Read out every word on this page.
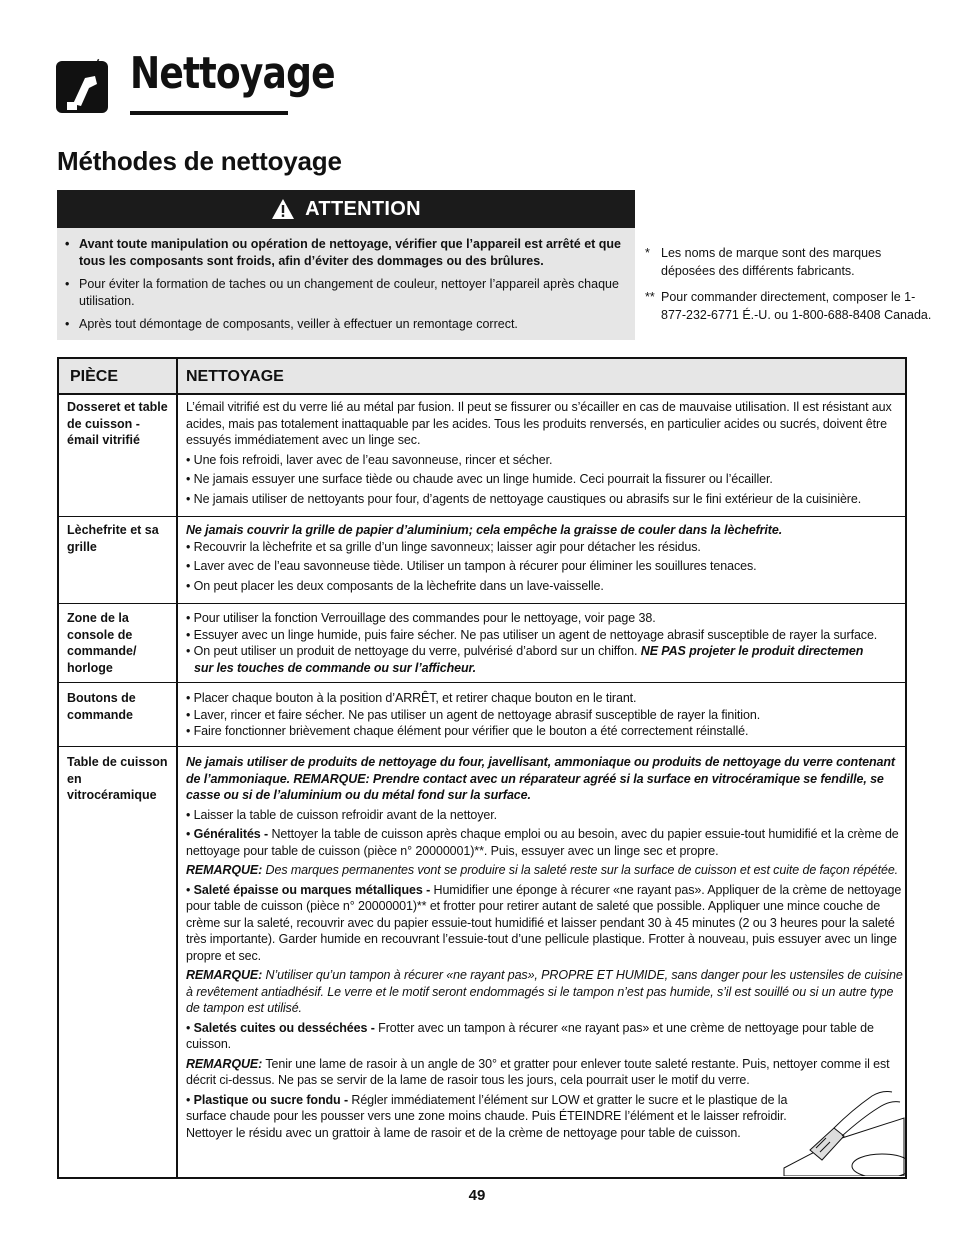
Nettoyage
Méthodes de nettoyage
ATTENTION
• Avant toute manipulation ou opération de nettoyage, vérifier que l’appareil est arrêté et que tous les composants sont froids, afin d’éviter des dommages ou des brûlures.
• Pour éviter la formation de taches ou un changement de couleur, nettoyer l’appareil après chaque utilisation.
• Après tout démontage de composants, veiller à effectuer un remontage correct.
* Les noms de marque sont des marques déposées des différents fabricants.
** Pour commander directement, composer le 1-877-232-6771 É.-U. ou 1-800-688-8408 Canada.
PIÈCE	NETTOYAGE
Dosseret et table de cuisson - émail vitrifié

L’émail vitrifié est du verre lié au métal par fusion. Il peut se fissurer ou s’écailler en cas de mauvaise utilisation. Il est résistant aux acides, mais pas totalement inattaquable par les acides. Tous les produits renversés, en particulier acides ou sucrés, doivent être essuyés immédiatement avec un linge sec.

• Une fois refroidi, laver avec de l’eau savonneuse, rincer et sécher.

• Ne jamais essuyer une surface tiède ou chaude avec un linge humide. Ceci pourrait la fissurer ou l’écailler.

• Ne jamais utiliser de nettoyants pour four, d’agents de nettoyage caustiques ou abrasifs sur le fini extérieur de la cuisinière.

Lèchefrite et sa grille

Ne jamais couvrir la grille de papier d’aluminium; cela empêche la graisse de couler dans la lèchefrite.

• Recouvrir la lèchefrite et sa grille d’un linge savonneux; laisser agir pour détacher les résidus.

• Laver avec de l’eau savonneuse tiède. Utiliser un tampon à récurer pour éliminer les souillures tenaces.

• On peut placer les deux composants de la lèchefrite dans un lave-vaisselle.

Zone de la console de commande/ horloge

• Pour utiliser la fonction Verrouillage des commandes pour le nettoyage, voir page 38.

• Essuyer avec un linge humide, puis faire sécher. Ne pas utiliser un agent de nettoyage abrasif susceptible de rayer la surface.

• On peut utiliser un produit de nettoyage du verre, pulvérisé d’abord sur un chiffon. NE PAS projeter le produit directemen

sur les touches de commande ou sur l’afficheur.

Boutons de commande

• Placer chaque bouton à la position d’ARRÊT, et retirer chaque bouton en le tirant.

• Laver, rincer et faire sécher. Ne pas utiliser un agent de nettoyage abrasif susceptible de rayer la finition.

• Faire fonctionner brièvement chaque élément pour vérifier que le bouton a été correctement réinstallé.

Table de cuisson en vitrocéramique

Ne jamais utiliser de produits de nettoyage du four, javellisant, ammoniaque ou produits de nettoyage du verre contenant de l’ammoniaque. REMARQUE: Prendre contact avec un réparateur agréé si la surface en vitrocéramique se fendille, se casse ou si de l’aluminium ou du métal fond sur la surface.

• Laisser la table de cuisson refroidir avant de la nettoyer.

• Généralités - Nettoyer la table de cuisson après chaque emploi ou au besoin, avec du papier essuie-tout humidifié et la crème de nettoyage pour table de cuisson (pièce n° 20000001)**. Puis, essuyer avec un linge sec et propre.

REMARQUE: Des marques permanentes vont se produire si la saleté reste sur la surface de cuisson et est cuite de façon répétée.

• Saleté épaisse ou marques métalliques - Humidifier une éponge à récurer «ne rayant pas». Appliquer de la crème de nettoyage pour table de cuisson (pièce n° 20000001)** et frotter pour retirer autant de saleté que possible. Appliquer une mince couche de crème sur la saleté, recouvrir avec du papier essuie-tout humidifié et laisser pendant 30 à 45 minutes (2 ou 3 heures pour la saleté très importante). Garder humide en recouvrant l’essuie-tout d’une pellicule plastique. Frotter à nouveau, puis essuyer avec un linge propre et sec.

REMARQUE: N’utiliser qu’un tampon à récurer «ne rayant pas», PROPRE ET HUMIDE, sans danger pour les ustensiles de cuisine à revêtement antiadhésif. Le verre et le motif seront endommagés si le tampon n’est pas humide, s’il est souillé ou si un autre type de tampon est utilisé.

• Saletés cuites ou desséchées - Frotter avec un tampon à récurer «ne rayant pas» et une crème de nettoyage pour table de cuisson.

REMARQUE: Tenir une lame de rasoir à un angle de 30° et gratter pour enlever toute saleté restante. Puis, nettoyer comme il est décrit ci-dessus. Ne pas se servir de la lame de rasoir tous les jours, cela pourrait user le motif du verre.

• Plastique ou sucre fondu - Régler immédiatement l’élément sur LOW et gratter le sucre et le plastique de la surface chaude pour les pousser vers une zone moins chaude. Puis ÉTEINDRE l’élément et le laisser refroidir. Nettoyer le résidu avec un grattoir à lame de rasoir et de la crème de nettoyage pour table de cuisson.

49
